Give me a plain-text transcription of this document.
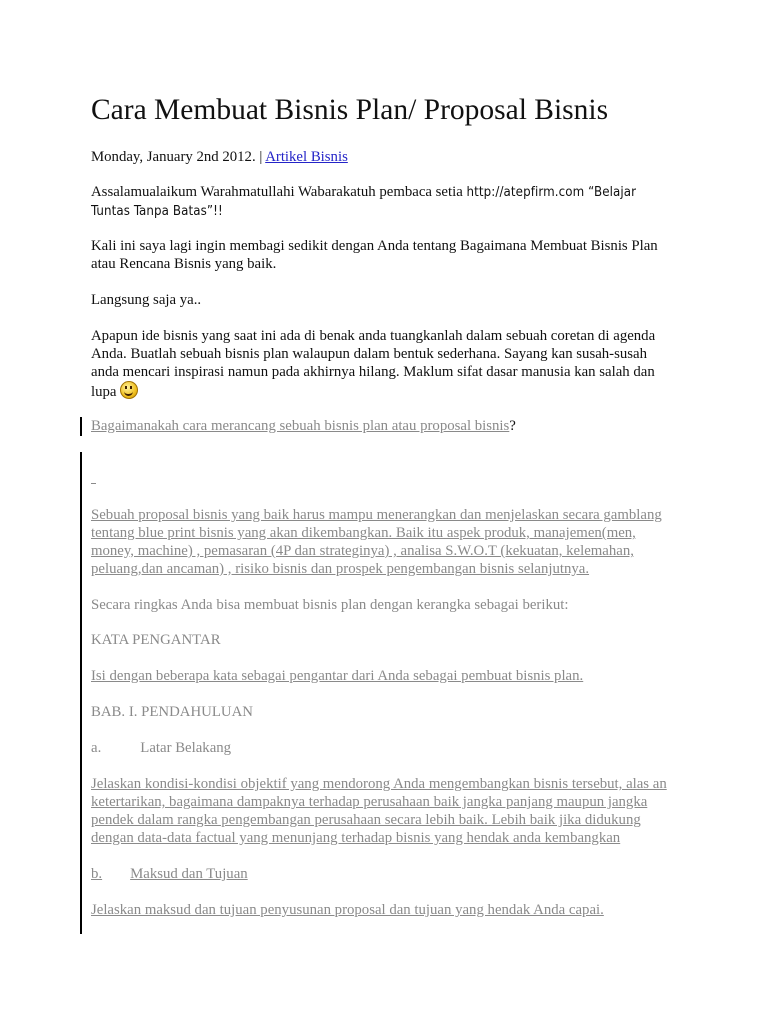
Cara Membuat Bisnis Plan/ Proposal Bisnis

Monday, January 2nd 2012. | Artikel Bisnis

Assalamualaikum Warahmatullahi Wabarakatuh pembaca setia http://atepfirm.com “Belajar
Tuntas Tanpa Batas”!!

Kali ini saya lagi ingin membagi sedikit dengan Anda tentang Bagaimana Membuat Bisnis Plan
atau Rencana Bisnis yang baik.

Langsung saja ya..

Apapun ide bisnis yang saat ini ada di benak anda tuangkanlah dalam sebuah coretan di agenda
Anda. Buatlah sebuah bisnis plan walaupun dalam bentuk sederhana. Sayang kan susah-susah
anda mencari inspirasi namun pada akhirnya hilang. Maklum sifat dasar manusia kan salah dan
lupa

Bagaimanakah cara merancang sebuah bisnis plan atau proposal bisnis?

Sebuah proposal bisnis yang baik harus mampu menerangkan dan menjelaskan secara gamblang
tentang blue print bisnis yang akan dikembangkan. Baik itu aspek produk, manajemen(men,
money, machine) , pemasaran (4P dan strateginya) , analisa S.W.O.T (kekuatan, kelemahan,
peluang,dan ancaman) , risiko bisnis dan prospek pengembangan bisnis selanjutnya.

Secara ringkas Anda bisa membuat bisnis plan dengan kerangka sebagai berikut:

KATA PENGANTAR

Isi dengan beberapa kata sebagai pengantar dari Anda sebagai pembuat bisnis plan.

BAB. I. PENDAHULUAN

a.	Latar Belakang

Jelaskan kondisi-kondisi objektif yang mendorong Anda mengembangkan bisnis tersebut, alas an
ketertarikan, bagaimana dampaknya terhadap perusahaan baik jangka panjang maupun jangka
pendek dalam rangka pengembangan perusahaan secara lebih baik. Lebih baik jika didukung
dengan data-data factual yang menunjang terhadap bisnis yang hendak anda kembangkan

b. Maksud dan Tujuan

Jelaskan maksud dan tujuan penyusunan proposal dan tujuan yang hendak Anda capai.
